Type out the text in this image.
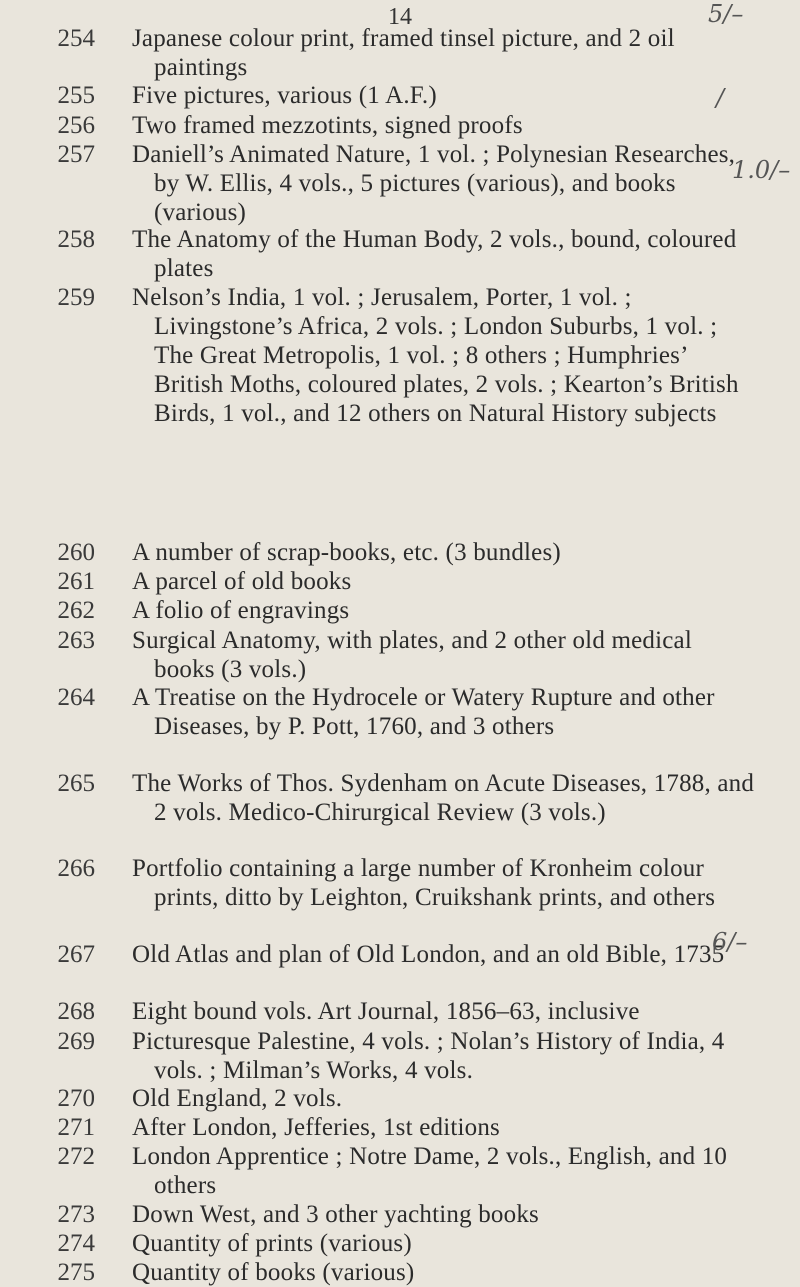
14
254 Japanese colour print, framed tinsel picture, and 2 oil paintings
255 Five pictures, various (1 A.F.)
256 Two framed mezzotints, signed proofs
257 Daniell’s Animated Nature, 1 vol. ; Polynesian Researches, by W. Ellis, 4 vols., 5 pictures (various), and books (various)
258 The Anatomy of the Human Body, 2 vols., bound, coloured plates
259 Nelson’s India, 1 vol. ; Jerusalem, Porter, 1 vol. ; Livingstone’s Africa, 2 vols. ; London Suburbs, 1 vol. ; The Great Metropolis, 1 vol. ; 8 others ; Humphries’ British Moths, coloured plates, 2 vols. ; Kearton’s British Birds, 1 vol., and 12 others on Natural History subjects
260 A number of scrap-books, etc. (3 bundles)
261 A parcel of old books
262 A folio of engravings
263 Surgical Anatomy, with plates, and 2 other old medical books (3 vols.)
264 A Treatise on the Hydrocele or Watery Rupture and other Diseases, by P. Pott, 1760, and 3 others
265 The Works of Thos. Sydenham on Acute Diseases, 1788, and 2 vols. Medico-Chirurgical Review (3 vols.)
266 Portfolio containing a large number of Kronheim colour prints, ditto by Leighton, Cruikshank prints, and others
267 Old Atlas and plan of Old London, and an old Bible, 1735
268 Eight bound vols. Art Journal, 1856–63, inclusive
269 Picturesque Palestine, 4 vols. ; Nolan’s History of India, 4 vols. ; Milman’s Works, 4 vols.
270 Old England, 2 vols.
271 After London, Jefferies, 1st editions
272 London Apprentice ; Notre Dame, 2 vols., English, and 10 others
273 Down West, and 3 other yachting books
274 Quantity of prints (various)
275 Quantity of books (various)
5/–
/
1.0/–
6/–
